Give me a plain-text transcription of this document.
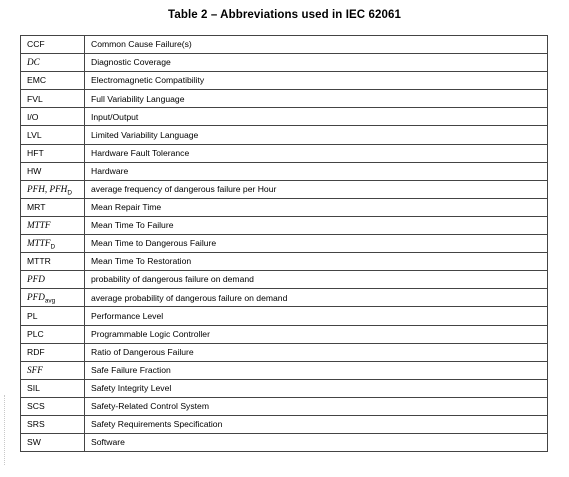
Table 2 – Abbreviations used in IEC 62061
CCF	Common Cause Failure(s)
DC	Diagnostic Coverage
EMC	Electromagnetic Compatibility
FVL	Full Variability Language
I/O	Input/Output
LVL	Limited Variability Language
HFT	Hardware Fault Tolerance
HW	Hardware
PFH, $PFH_D$	average frequency of dangerous failure per Hour
MRT	Mean Repair Time
MTTF	Mean Time To Failure
$MTTF_D$	Mean Time to Dangerous Failure
MTTR	Mean Time To Restoration
PFD	probability of dangerous failure on demand
$PFD_{avg}$	average probability of dangerous failure on demand
PL	Performance Level
PLC	Programmable Logic Controller
RDF	Ratio of Dangerous Failure
SFF	Safe Failure Fraction
SIL	Safety Integrity Level
SCS	Safety-Related Control System
SRS	Safety Requirements Specification
SW	Software
